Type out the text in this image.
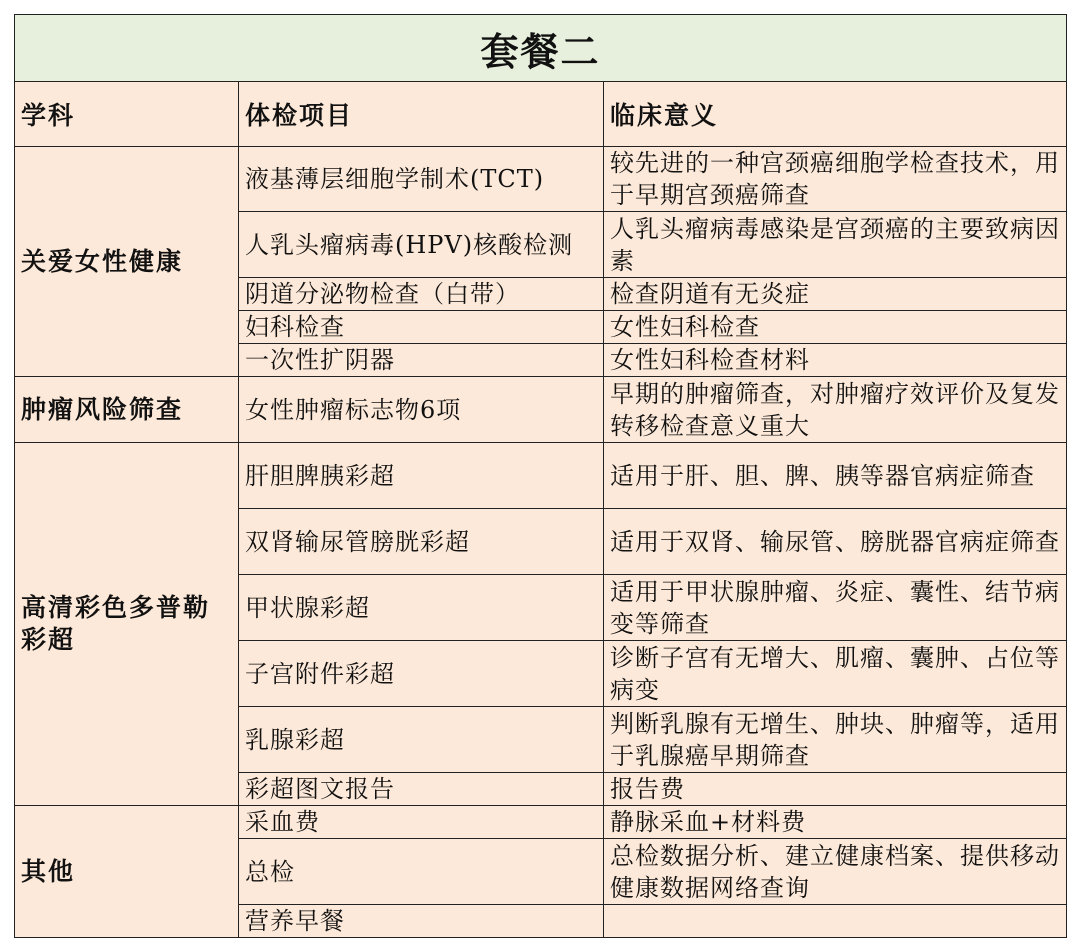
套餐二		
学科	体检项目	临床意义
关爱女性健康	液基薄层细胞学制术(TCT)	较先进的一种宫颈癌细胞学检查技术，用于早期宫颈癌筛查
	人乳头瘤病毒(HPV)核酸检测	人乳头瘤病毒感染是宫颈癌的主要致病因素
	阴道分泌物检查（白带）	检查阴道有无炎症
	妇科检查	女性妇科检查
	一次性扩阴器	女性妇科检查材料
肿瘤风险筛查	女性肿瘤标志物6项	早期的肿瘤筛查，对肿瘤疗效评价及复发转移检查意义重大
高清彩色多普勒彩超	肝胆脾胰彩超	适用于肝、胆、脾、胰等器官病症筛查
	双肾输尿管膀胱彩超	适用于双肾、输尿管、膀胱器官病症筛查
	甲状腺彩超	适用于甲状腺肿瘤、炎症、囊性、结节病变等筛查
	子宫附件彩超	诊断子宫有无增大、肌瘤、囊肿、占位等病变
	乳腺彩超	判断乳腺有无增生、肿块、肿瘤等，适用于乳腺癌早期筛查
	彩超图文报告	报告费
其他	采血费	静脉采血+材料费
	总检	总检数据分析、建立健康档案、提供移动健康数据网络查询
	营养早餐	
